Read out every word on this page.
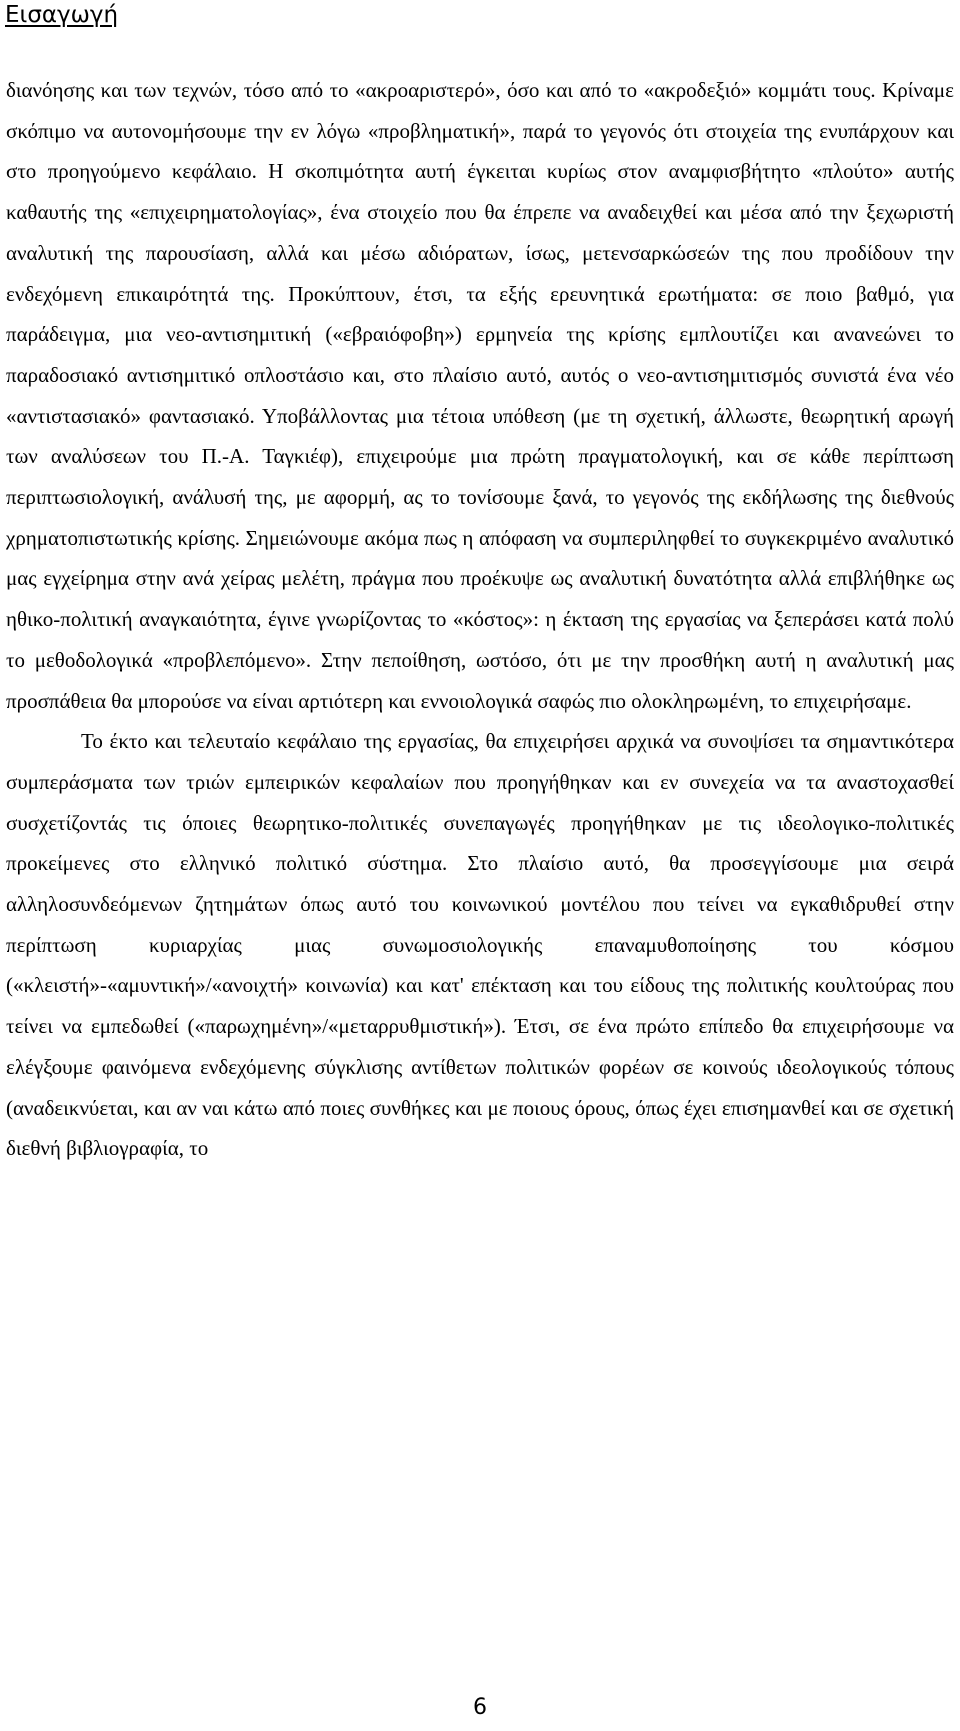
Εισαγωγή

διανόησης και των τεχνών, τόσο από το «ακροαριστερό», όσο και από το «ακροδεξιό» κομμάτι τους. Κρίναμε σκόπιμο να αυτονομήσουμε την εν λόγω «προβληματική», παρά το γεγονός ότι στοιχεία της ενυπάρχουν και στο προηγούμενο κεφάλαιο. Η σκοπιμότητα αυτή έγκειται κυρίως στον αναμφισβήτητο «πλούτο» αυτής καθαυτής της «επιχειρηματολογίας», ένα στοιχείο που θα έπρεπε να αναδειχθεί και μέσα από την ξεχωριστή αναλυτική της παρουσίαση, αλλά και μέσω αδιόρατων, ίσως, μετενσαρκώσεών της που προδίδουν την ενδεχόμενη επικαιρότητά της. Προκύπτουν, έτσι, τα εξής ερευνητικά ερωτήματα: σε ποιο βαθμό, για παράδειγμα, μια νεο-αντισημιτική («εβραιόφοβη») ερμηνεία της κρίσης εμπλουτίζει και ανανεώνει το παραδοσιακό αντισημιτικό οπλοστάσιο και, στο πλαίσιο αυτό, αυτός ο νεο-αντισημιτισμός συνιστά ένα νέο «αντιστασιακό» φαντασιακό. Υποβάλλοντας μια τέτοια υπόθεση (με τη σχετική, άλλωστε, θεωρητική αρωγή των αναλύσεων του Π.-Α. Ταγκιέφ), επιχειρούμε μια πρώτη πραγματολογική, και σε κάθε περίπτωση περιπτωσιολογική, ανάλυσή της, με αφορμή, ας το τονίσουμε ξανά, το γεγονός της εκδήλωσης της διεθνούς χρηματοπιστωτικής κρίσης. Σημειώνουμε ακόμα πως η απόφαση να συμπεριληφθεί το συγκεκριμένο αναλυτικό μας εγχείρημα στην ανά χείρας μελέτη, πράγμα που προέκυψε ως αναλυτική δυνατότητα αλλά επιβλήθηκε ως ηθικο-πολιτική αναγκαιότητα, έγινε γνωρίζοντας το «κόστος»: η έκταση της εργασίας να ξεπεράσει κατά πολύ το μεθοδολογικά «προβλεπόμενο». Στην πεποίθηση, ωστόσο, ότι με την προσθήκη αυτή η αναλυτική μας προσπάθεια θα μπορούσε να είναι αρτιότερη και εννοιολογικά σαφώς πιο ολοκληρωμένη, το επιχειρήσαμε.

Το έκτο και τελευταίο κεφάλαιο της εργασίας, θα επιχειρήσει αρχικά να συνοψίσει τα σημαντικότερα συμπεράσματα των τριών εμπειρικών κεφαλαίων που προηγήθηκαν και εν συνεχεία να τα αναστοχασθεί συσχετίζοντάς τις όποιες θεωρητικο-πολιτικές συνεπαγωγές προηγήθηκαν με τις ιδεολογικο-πολιτικές προκείμενες στο ελληνικό πολιτικό σύστημα. Στο πλαίσιο αυτό, θα προσεγγίσουμε μια σειρά αλληλοσυνδεόμενων ζητημάτων όπως αυτό του κοινωνικού μοντέλου που τείνει να εγκαθιδρυθεί στην περίπτωση κυριαρχίας μιας συνωμοσιολογικής επαναμυθοποίησης του κόσμου («κλειστή»-«αμυντική»/«ανοιχτή» κοινωνία) και κατ' επέκταση και του είδους της πολιτικής κουλτούρας που τείνει να εμπεδωθεί («παρωχημένη»/«μεταρρυθμιστική»). Έτσι, σε ένα πρώτο επίπεδο θα επιχειρήσουμε να ελέγξουμε φαινόμενα ενδεχόμενης σύγκλισης αντίθετων πολιτικών φορέων σε κοινούς ιδεολογικούς τόπους (αναδεικνύεται, και αν ναι κάτω από ποιες συνθήκες και με ποιους όρους, όπως έχει επισημανθεί και σε σχετική διεθνή βιβλιογραφία, το

6
